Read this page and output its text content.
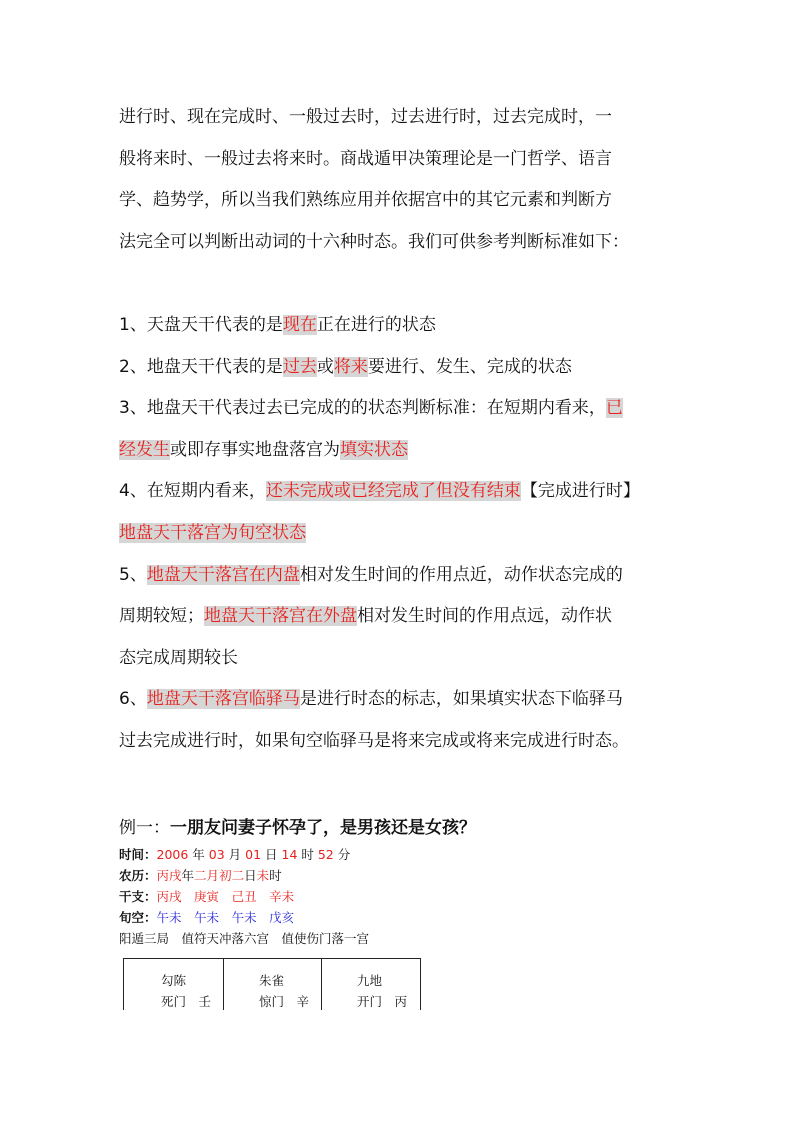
进行时、现在完成时、一般过去时，过去进行时，过去完成时，一
般将来时、一般过去将来时。商战遁甲决策理论是一门哲学、语言
学、趋势学，所以当我们熟练应用并依据宫中的其它元素和判断方
法完全可以判断出动词的十六种时态。我们可供参考判断标准如下：
1、天盘天干代表的是现在正在进行的状态
2、地盘天干代表的是过去或将来要进行、发生、完成的状态
3、地盘天干代表过去已完成的的状态判断标准：在短期内看来，已
经发生或即存事实地盘落宫为填实状态
4、在短期内看来，还未完成或已经完成了但没有结束【完成进行时】
地盘天干落宫为旬空状态
5、地盘天干落宫在内盘相对发生时间的作用点近，动作状态完成的
周期较短；地盘天干落宫在外盘相对发生时间的作用点远，动作状
态完成周期较长
6、地盘天干落宫临驿马是进行时态的标志，如果填实状态下临驿马
过去完成进行时，如果旬空临驿马是将来完成或将来完成进行时态。
例一：一朋友问妻子怀孕了，是男孩还是女孩？
时间：2006 年 03 月 01 日 14 时 52 分
农历：丙戌年二月初二日未时
干支：丙戌　 庚寅　 己丑　 辛未
旬空：午未　 午未　 午未　 戊亥
阳遁三局　值符天冲落六宫　值使伤门落一宫
勾陈
死门　 壬
朱雀
惊门　 辛
九地
开门　 丙
